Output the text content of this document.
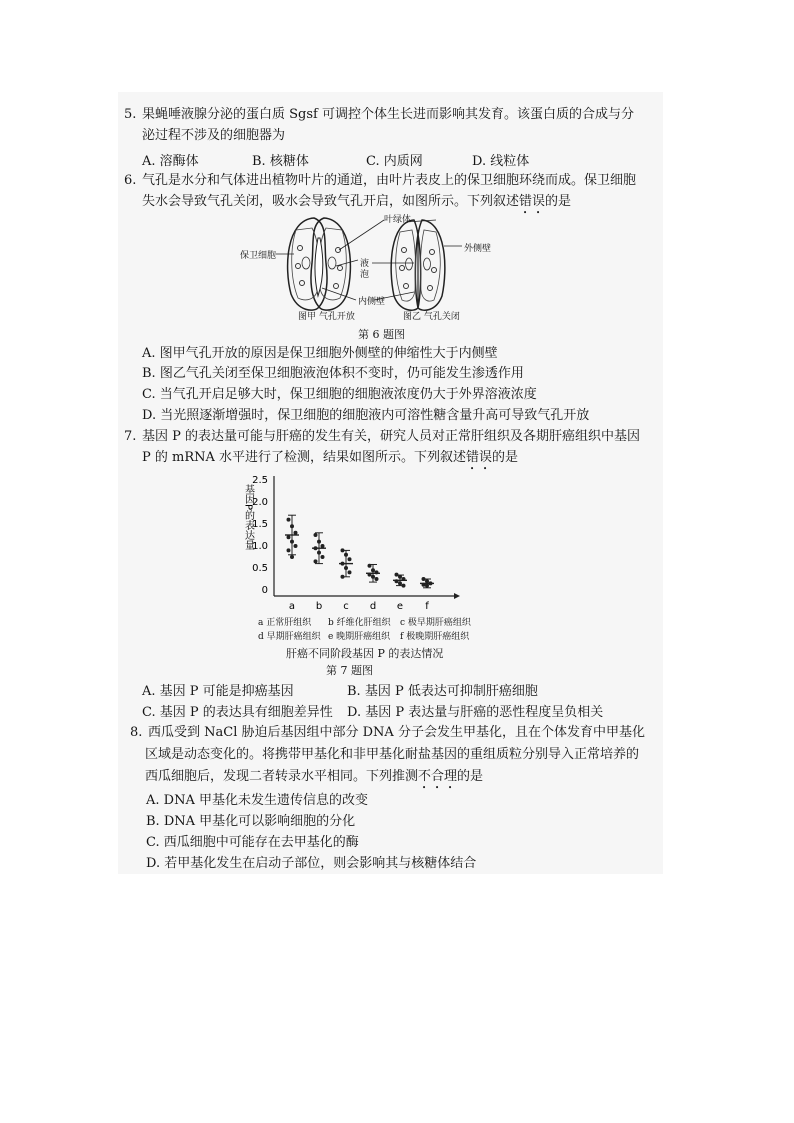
5. 果蝇唾液腺分泌的蛋白质 Sgsf 可调控个体生长进而影响其发育。该蛋白质的合成与分
泌过程不涉及的细胞器为
A. 溶酶体	B. 核糖体	C. 内质网	D. 线粒体
6. 气孔是水分和气体进出植物叶片的通道，由叶片表皮上的保卫细胞环绕而成。保卫细胞
失水会导致气孔关闭，吸水会导致气孔开启，如图所示。下列叙述错误的是
保卫细胞
叶绿体
液
泡
外侧壁
内侧壁
图甲 气孔开放	图乙 气孔关闭
第 6 题图
A. 图甲气孔开放的原因是保卫细胞外侧壁的伸缩性大于内侧壁
B. 图乙气孔关闭至保卫细胞液泡体积不变时，仍可能发生渗透作用
C. 当气孔开启足够大时，保卫细胞的细胞液浓度仍大于外界溶液浓度
D. 当光照逐渐增强时，保卫细胞的细胞液内可溶性糖含量升高可导致气孔开放
7. 基因 P 的表达量可能与肝癌的发生有关，研究人员对正常肝组织及各期肝癌组织中基因
P 的 mRNA 水平进行了检测，结果如图所示。下列叙述错误的是
2.5
2.0
1.5
1.0
0.5
0
a b c d e f
基因P的表达量
a 正常肝组织 b 纤维化肝组织 c 极早期肝癌组织
d 早期肝癌组织 e 晚期肝癌组织 f 极晚期肝癌组织
肝癌不同阶段基因 P 的表达情况
第 7 题图
A. 基因 P 可能是抑癌基因	B. 基因 P 低表达可抑制肝癌细胞
C. 基因 P 的表达具有细胞差异性 D. 基因 P 表达量与肝癌的恶性程度呈负相关
8. 西瓜受到 NaCl 胁迫后基因组中部分 DNA 分子会发生甲基化，且在个体发育中甲基化
区域是动态变化的。将携带甲基化和非甲基化耐盐基因的重组质粒分别导入正常培养的
西瓜细胞后，发现二者转录水平相同。下列推测不合理的是
A. DNA 甲基化未发生遗传信息的改变
B. DNA 甲基化可以影响细胞的分化
C. 西瓜细胞中可能存在去甲基化的酶
D. 若甲基化发生在启动子部位，则会影响其与核糖体结合
